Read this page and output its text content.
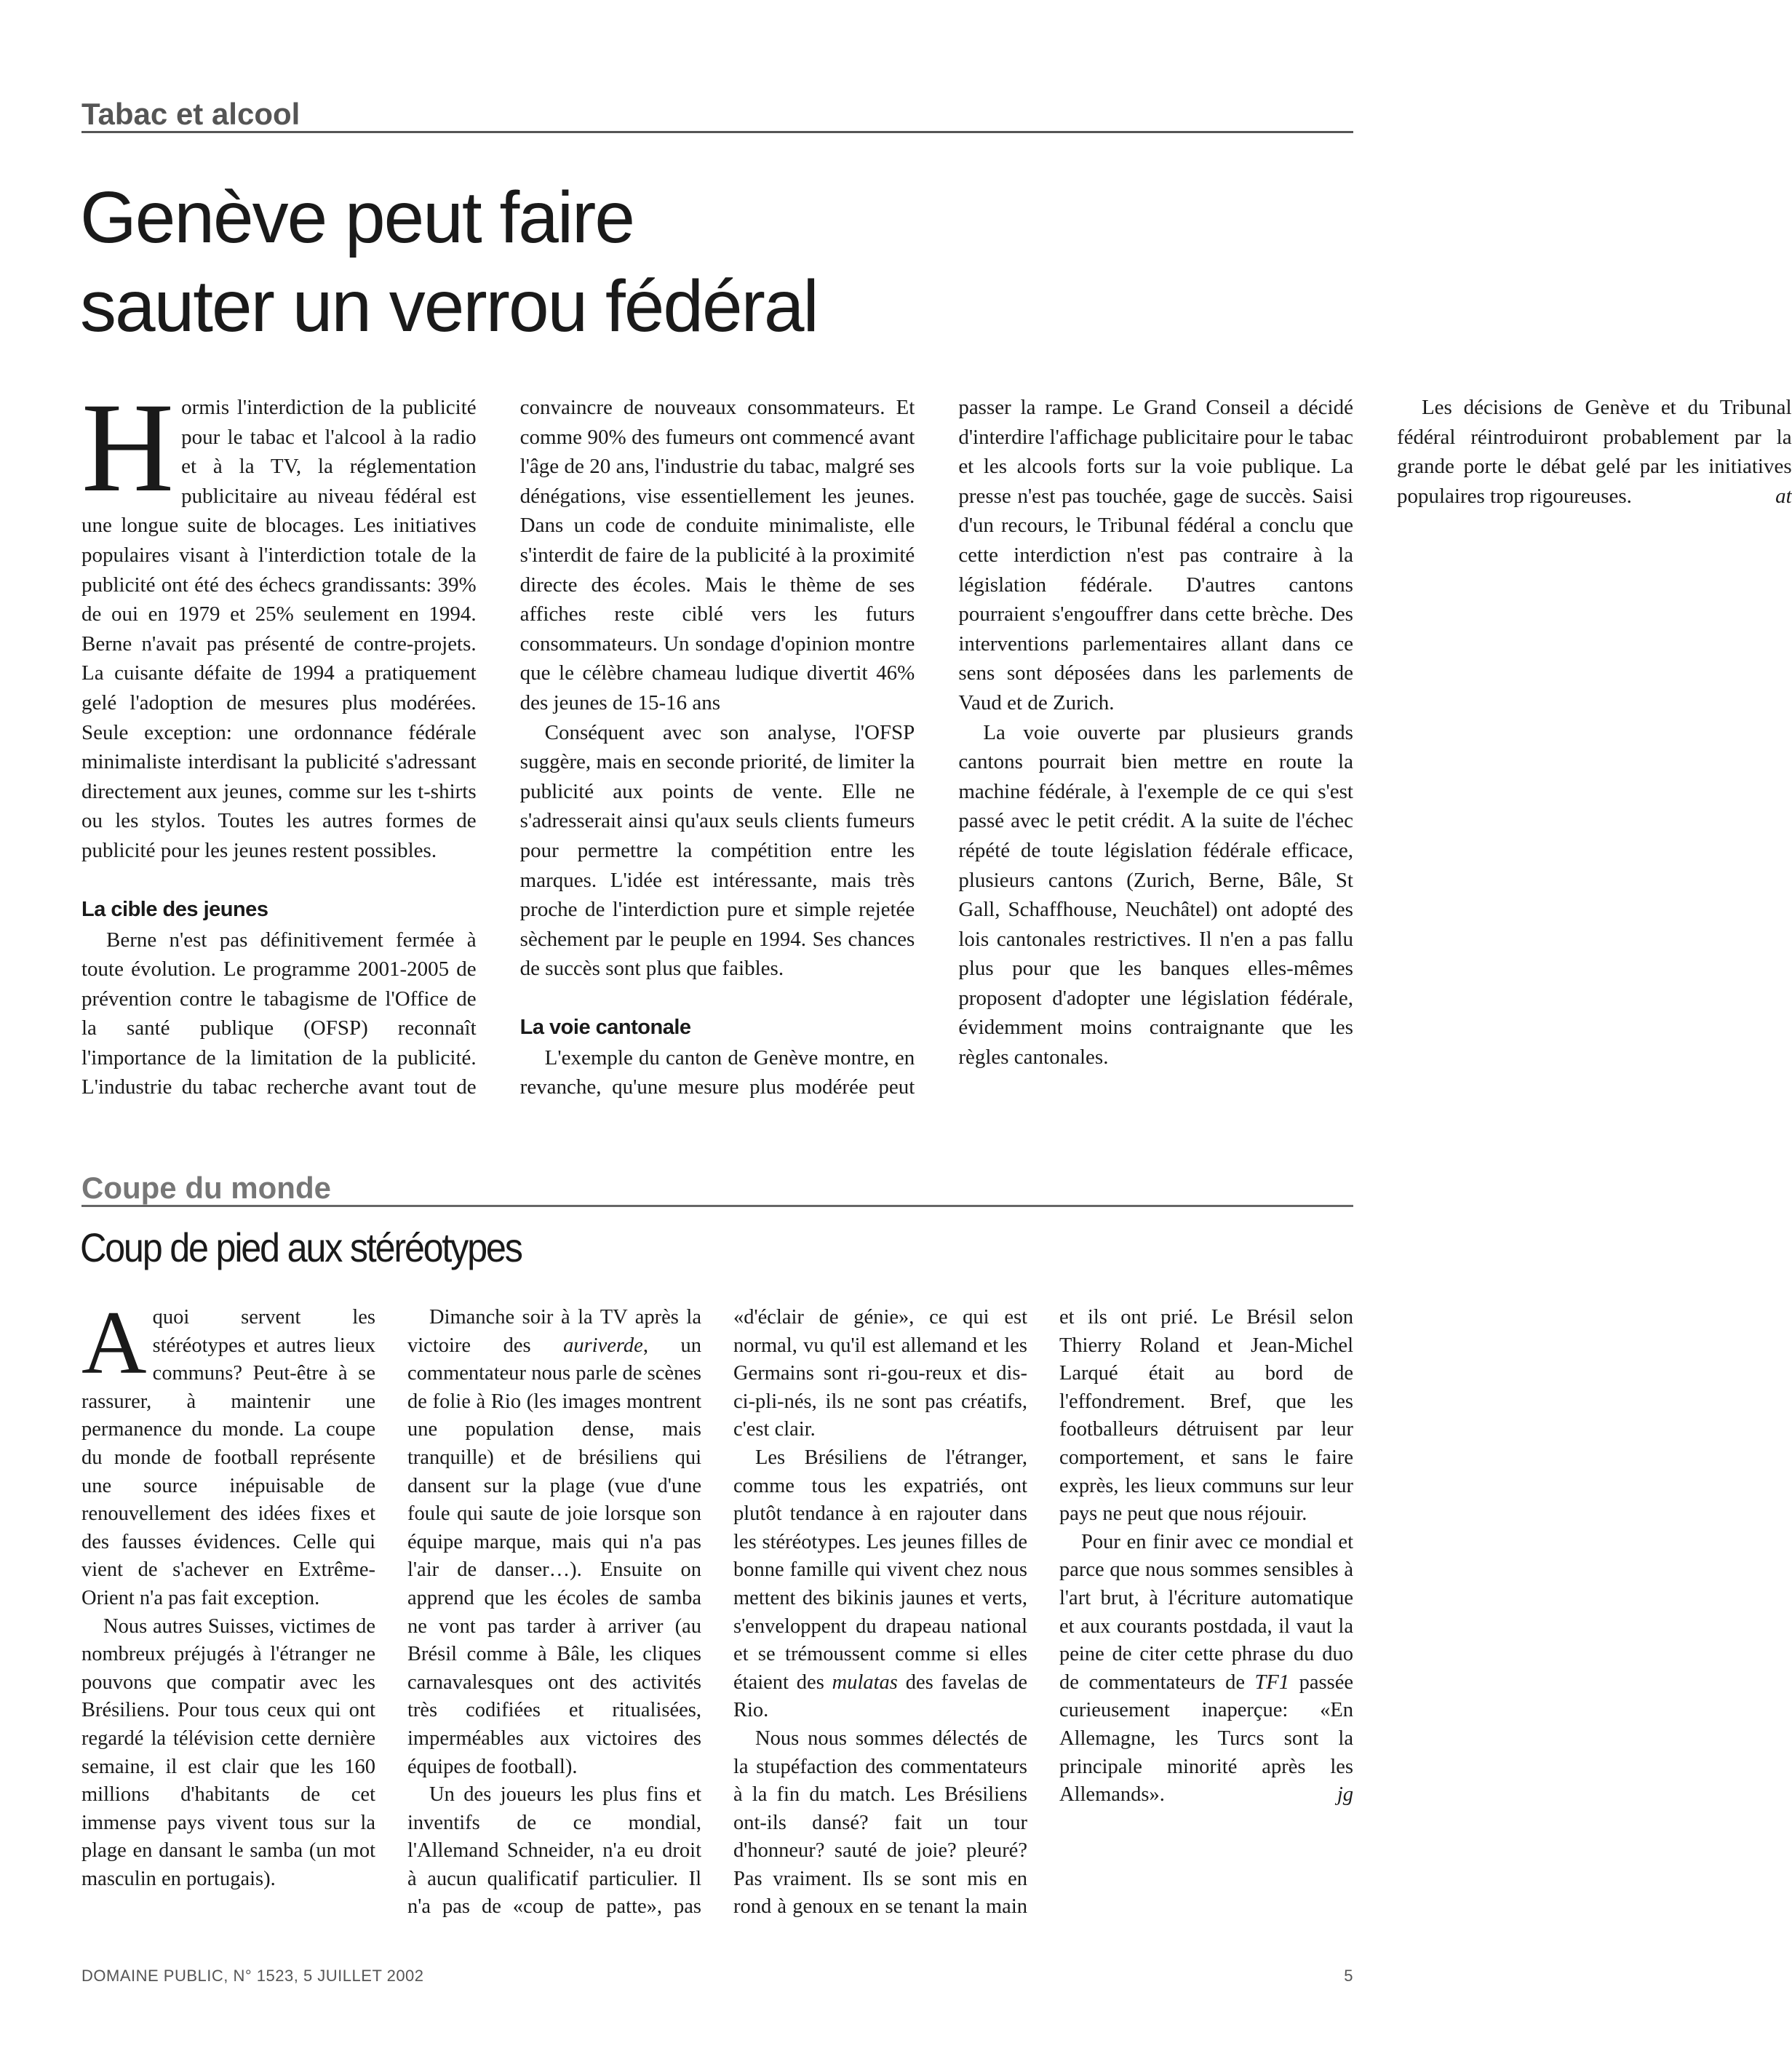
Tabac et alcool
Genève peut faire
sauter un verrou fédéral

Hormis l'interdiction de la publicité pour le tabac et l'alcool à la radio et à la TV, la réglementation publicitaire au niveau fédéral est une longue suite de blocages. Les initiatives populaires visant à l'interdiction totale de la publicité ont été des échecs grandissants: 39% de oui en 1979 et 25% seulement en 1994. Berne n'avait pas présenté de contre-projets. La cuisante défaite de 1994 a pratiquement gelé l'adoption de mesures plus modérées. Seule exception: une ordonnance fédérale minimaliste interdisant la publicité s'adressant directement aux jeunes, comme sur les t-shirts ou les stylos. Toutes les autres formes de publicité pour les jeunes restent possibles.

La cible des jeunes

Berne n'est pas définitivement fermée à toute évolution. Le programme 2001-2005 de prévention contre le tabagisme de l'Office de la santé publique (OFSP) reconnaît l'importance de la limitation de la publicité. L'industrie du tabac recherche avant tout de convaincre de nouveaux consommateurs. Et comme 90% des fumeurs ont commencé avant l'âge de 20 ans, l'industrie du tabac, malgré ses dénégations, vise essentiellement les jeunes. Dans un code de conduite minimaliste, elle s'interdit de faire de la publicité à la proximité directe des écoles. Mais le thème de ses affiches reste ciblé vers les futurs consommateurs. Un sondage d'opinion montre que le célèbre chameau ludique divertit 46% des jeunes de 15-16 ans

Conséquent avec son analyse, l'OFSP suggère, mais en seconde priorité, de limiter la publicité aux points de vente. Elle ne s'adresserait ainsi qu'aux seuls clients fumeurs pour permettre la compétition entre les marques. L'idée est intéressante, mais très proche de l'interdiction pure et simple rejetée sèchement par le peuple en 1994. Ses chances de succès sont plus que faibles.

La voie cantonale

L'exemple du canton de Genève montre, en revanche, qu'une mesure plus modérée peut passer la rampe. Le Grand Conseil a décidé d'interdire l'affichage publicitaire pour le tabac et les alcools forts sur la voie publique. La presse n'est pas touchée, gage de succès. Saisi d'un recours, le Tribunal fédéral a conclu que cette interdiction n'est pas contraire à la législation fédérale. D'autres cantons pourraient s'engouffrer dans cette brèche. Des interventions parlementaires allant dans ce sens sont déposées dans les parlements de Vaud et de Zurich.

La voie ouverte par plusieurs grands cantons pourrait bien mettre en route la machine fédérale, à l'exemple de ce qui s'est passé avec le petit crédit. A la suite de l'échec répété de toute législation fédérale efficace, plusieurs cantons (Zurich, Berne, Bâle, St Gall, Schaffhouse, Neuchâtel) ont adopté des lois cantonales restrictives. Il n'en a pas fallu plus pour que les banques elles-mêmes proposent d'adopter une législation fédérale, évidemment moins contraignante que les règles cantonales.

Les décisions de Genève et du Tribunal fédéral réintroduiront probablement par la grande porte le débat gelé par les initiatives populaires trop rigoureuses.	at

Coupe du monde
Coup de pied aux stéréotypes

Aquoi servent les stéréotypes et autres lieux communs? Peut-être à se rassurer, à maintenir une permanence du monde. La coupe du monde de football représente une source inépuisable de renouvellement des idées fixes et des fausses évidences. Celle qui vient de s'achever en Extrême-Orient n'a pas fait exception.

Nous autres Suisses, victimes de nombreux préjugés à l'étranger ne pouvons que compatir avec les Brésiliens. Pour tous ceux qui ont regardé la télévision cette dernière semaine, il est clair que les 160 millions d'habitants de cet immense pays vivent tous sur la plage en dansant le samba (un mot masculin en portugais).

Dimanche soir à la TV après la victoire des auriverde, un commentateur nous parle de scènes de folie à Rio (les images montrent une population dense, mais tranquille) et de brésiliens qui dansent sur la plage (vue d'une foule qui saute de joie lorsque son équipe marque, mais qui n'a pas l'air de danser…). Ensuite on apprend que les écoles de samba ne vont pas tarder à arriver (au Brésil comme à Bâle, les cliques carnavalesques ont des activités très codifiées et ritualisées, imperméables aux victoires des équipes de football).

Un des joueurs les plus fins et inventifs de ce mondial, l'Allemand Schneider, n'a eu droit à aucun qualificatif particulier. Il n'a pas de «coup de patte», pas «d'éclair de génie», ce qui est normal, vu qu'il est allemand et les Germains sont ri-gou-reux et dis-ci-pli-nés, ils ne sont pas créatifs, c'est clair.

Les Brésiliens de l'étranger, comme tous les expatriés, ont plutôt tendance à en rajouter dans les stéréotypes. Les jeunes filles de bonne famille qui vivent chez nous mettent des bikinis jaunes et verts, s'enveloppent du drapeau national et se trémoussent comme si elles étaient des mulatas des favelas de Rio.

Nous nous sommes délectés de la stupéfaction des commentateurs à la fin du match. Les Brésiliens ont-ils dansé? fait un tour d'honneur? sauté de joie? pleuré? Pas vraiment. Ils se sont mis en rond à genoux en se tenant la main et ils ont prié. Le Brésil selon Thierry Roland et Jean-Michel Larqué était au bord de l'effondrement. Bref, que les footballeurs détruisent par leur comportement, et sans le faire exprès, les lieux communs sur leur pays ne peut que nous réjouir.

Pour en finir avec ce mondial et parce que nous sommes sensibles à l'art brut, à l'écriture automatique et aux courants postdada, il vaut la peine de citer cette phrase du duo de commentateurs de TF1 passée curieusement inaperçue: «En Allemagne, les Turcs sont la principale minorité après les Allemands».	jg

DOMAINE PUBLIC, N° 1523, 5 JUILLET 2002	5
